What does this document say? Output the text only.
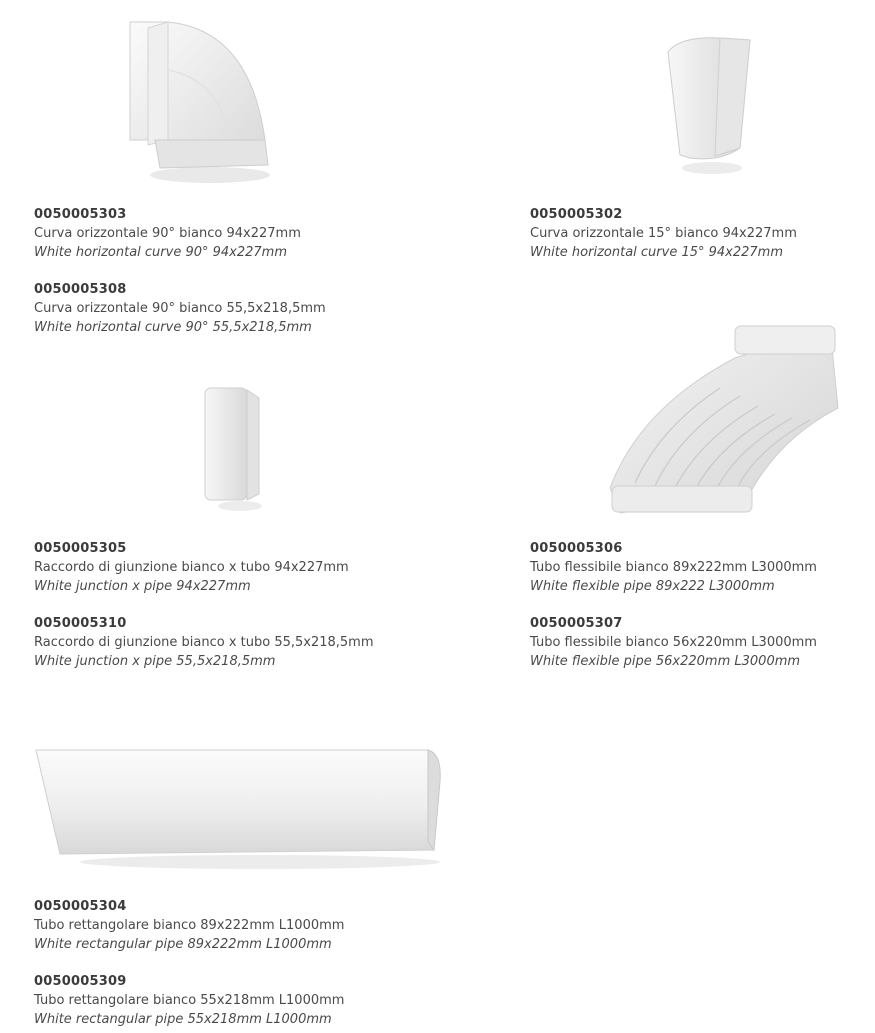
0050005303
Curva orizzontale 90° bianco 94x227mm
White horizontal curve 90° 94x227mm
0050005308
Curva orizzontale 90° bianco 55,5x218,5mm
White horizontal curve 90° 55,5x218,5mm
0050005302
Curva orizzontale 15° bianco 94x227mm
White horizontal curve 15° 94x227mm
0050005305
Raccordo di giunzione bianco x tubo 94x227mm
White junction x pipe 94x227mm
0050005310
Raccordo di giunzione bianco x tubo 55,5x218,5mm
White junction x pipe 55,5x218,5mm
0050005306
Tubo flessibile bianco 89x222mm L3000mm
White flexible pipe 89x222 L3000mm
0050005307
Tubo flessibile bianco 56x220mm L3000mm
White flexible pipe 56x220mm L3000mm
0050005304
Tubo rettangolare bianco 89x222mm L1000mm
White rectangular pipe 89x222mm L1000mm
0050005309
Tubo rettangolare bianco 55x218mm L1000mm
White rectangular pipe 55x218mm L1000mm
